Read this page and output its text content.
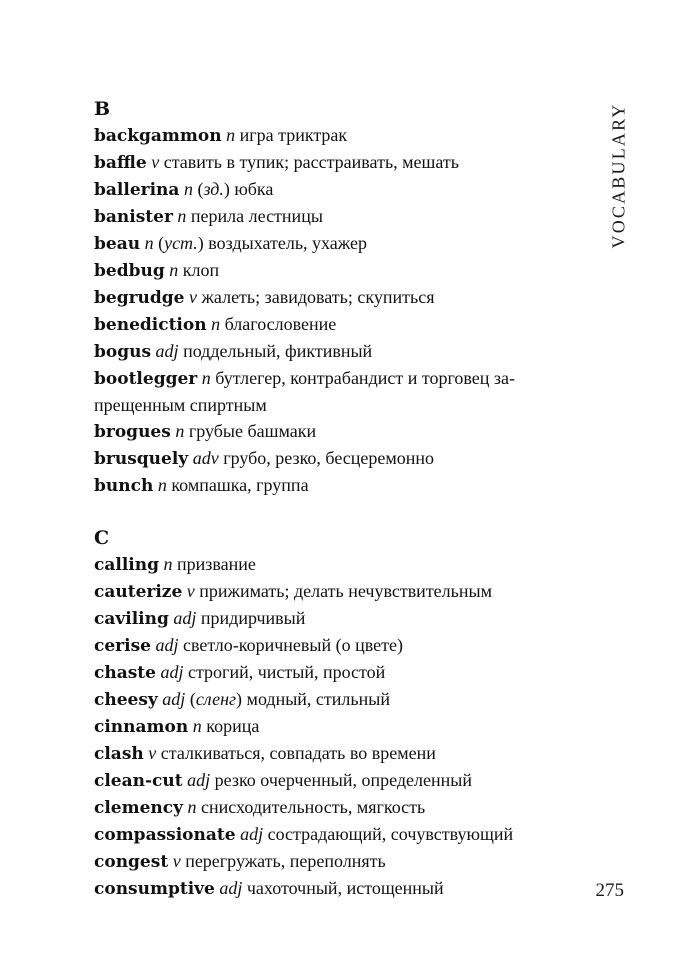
VOCABULARY
B
backgammon n игра триктрак
baffle v ставить в тупик; расстраивать, мешать
ballerina n (зд.) юбка
banister n перила лестницы
beau n (уст.) воздыхатель, ухажер
bedbug n клоп
begrudge v жалеть; завидовать; скупиться
benediction n благословение
bogus adj поддельный, фиктивный
bootlegger n бутлегер, контрабандист и торговец за-
прещенным спиртным
brogues n грубые башмаки
brusquely adv грубо, резко, бесцеремонно
bunch n компашка, группа
C
calling n призвание
cauterize v прижимать; делать нечувствительным
caviling adj придирчивый
cerise adj светло-коричневый (о цвете)
chaste adj строгий, чистый, простой
cheesy adj (сленг) модный, стильный
cinnamon n корица
clash v сталкиваться, совпадать во времени
clean-cut adj резко очерченный, определенный
clemency n снисходительность, мягкость
compassionate adj сострадающий, сочувствующий
congest v перегружать, переполнять
consumptive adj чахоточный, истощенный	275
